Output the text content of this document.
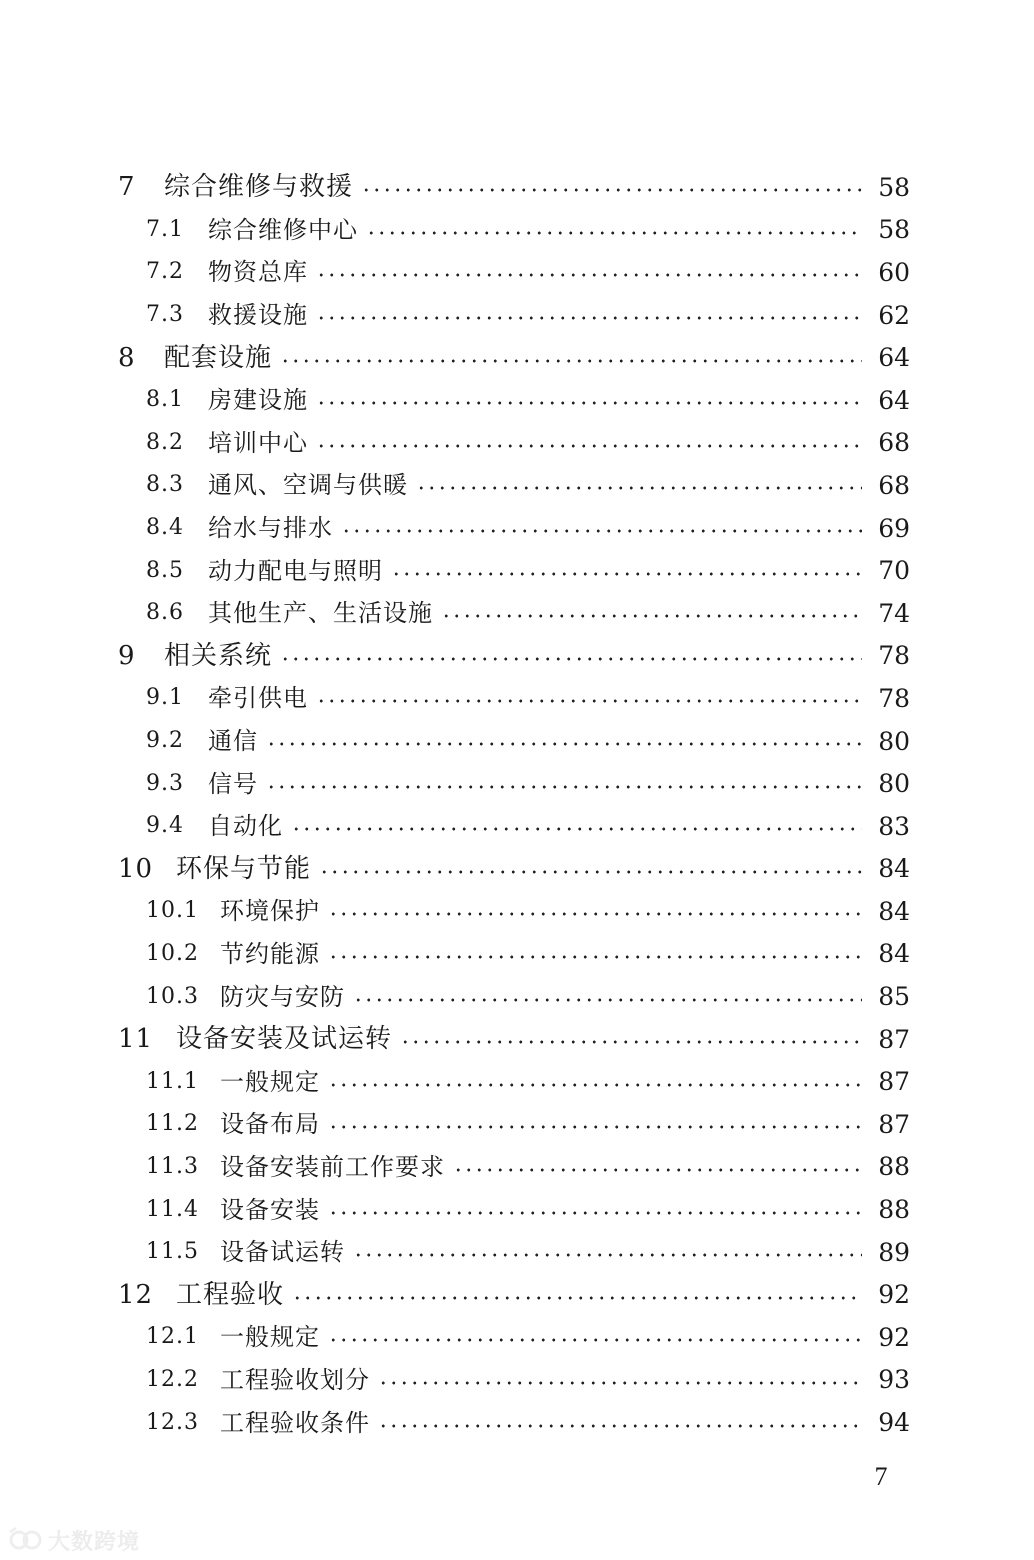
7	综合维修与救援	58
7.1	综合维修中心	58
7.2	物资总库	60
7.3	救援设施	62
8	配套设施	64
8.1	房建设施	64
8.2	培训中心	68
8.3	通风、空调与供暖	68
8.4	给水与排水	69
8.5	动力配电与照明	70
8.6	其他生产、生活设施	74
9	相关系统	78
9.1	牵引供电	78
9.2	通信	80
9.3	信号	80
9.4	自动化	83
10 环保与节能	84
10.1 环境保护	84
10.2 节约能源	84
10.3 防灾与安防	85
11 设备安装及试运转	87
11.1 一般规定	87
11.2 设备布局	87
11.3 设备安装前工作要求	88
11.4 设备安装	88
11.5 设备试运转	89
12 工程验收	92
12.1 一般规定	92
12.2 工程验收划分	93
12.3 工程验收条件	94
7
大数跨境
